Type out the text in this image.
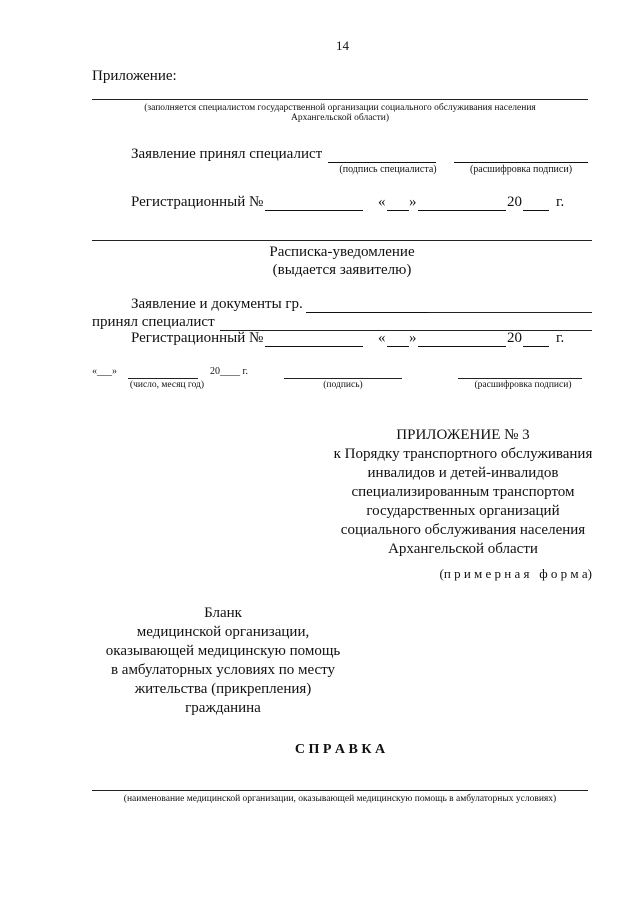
14
Приложение:
(заполняется специалистом государственной организации социального обслуживания населения
Архангельской области)
Заявление принял специалист
(подпись специалиста)	(расшифровка подписи)
Регистрационный №	« »	20 г.
Расписка-уведомление
(выдается заявителю)
Заявление и документы гр.
принял специалист
Регистрационный №	« »	20 г.
«___»	20____ г.
(число, месяц год)	(подпись)	(расшифровка подписи)
ПРИЛОЖЕНИЕ № 3
к Порядку транспортного обслуживания
инвалидов и детей-инвалидов
специализированным транспортом
государственных организаций
социального обслуживания населения
Архангельской области
(п р и м е р н а я   ф о р м а)
Бланк
медицинской организации,
оказывающей медицинскую помощь
в амбулаторных условиях по месту
жительства (прикрепления)
гражданина
С П Р А В К А
(наименование медицинской организации, оказывающей медицинскую помощь в амбулаторных условиях)
